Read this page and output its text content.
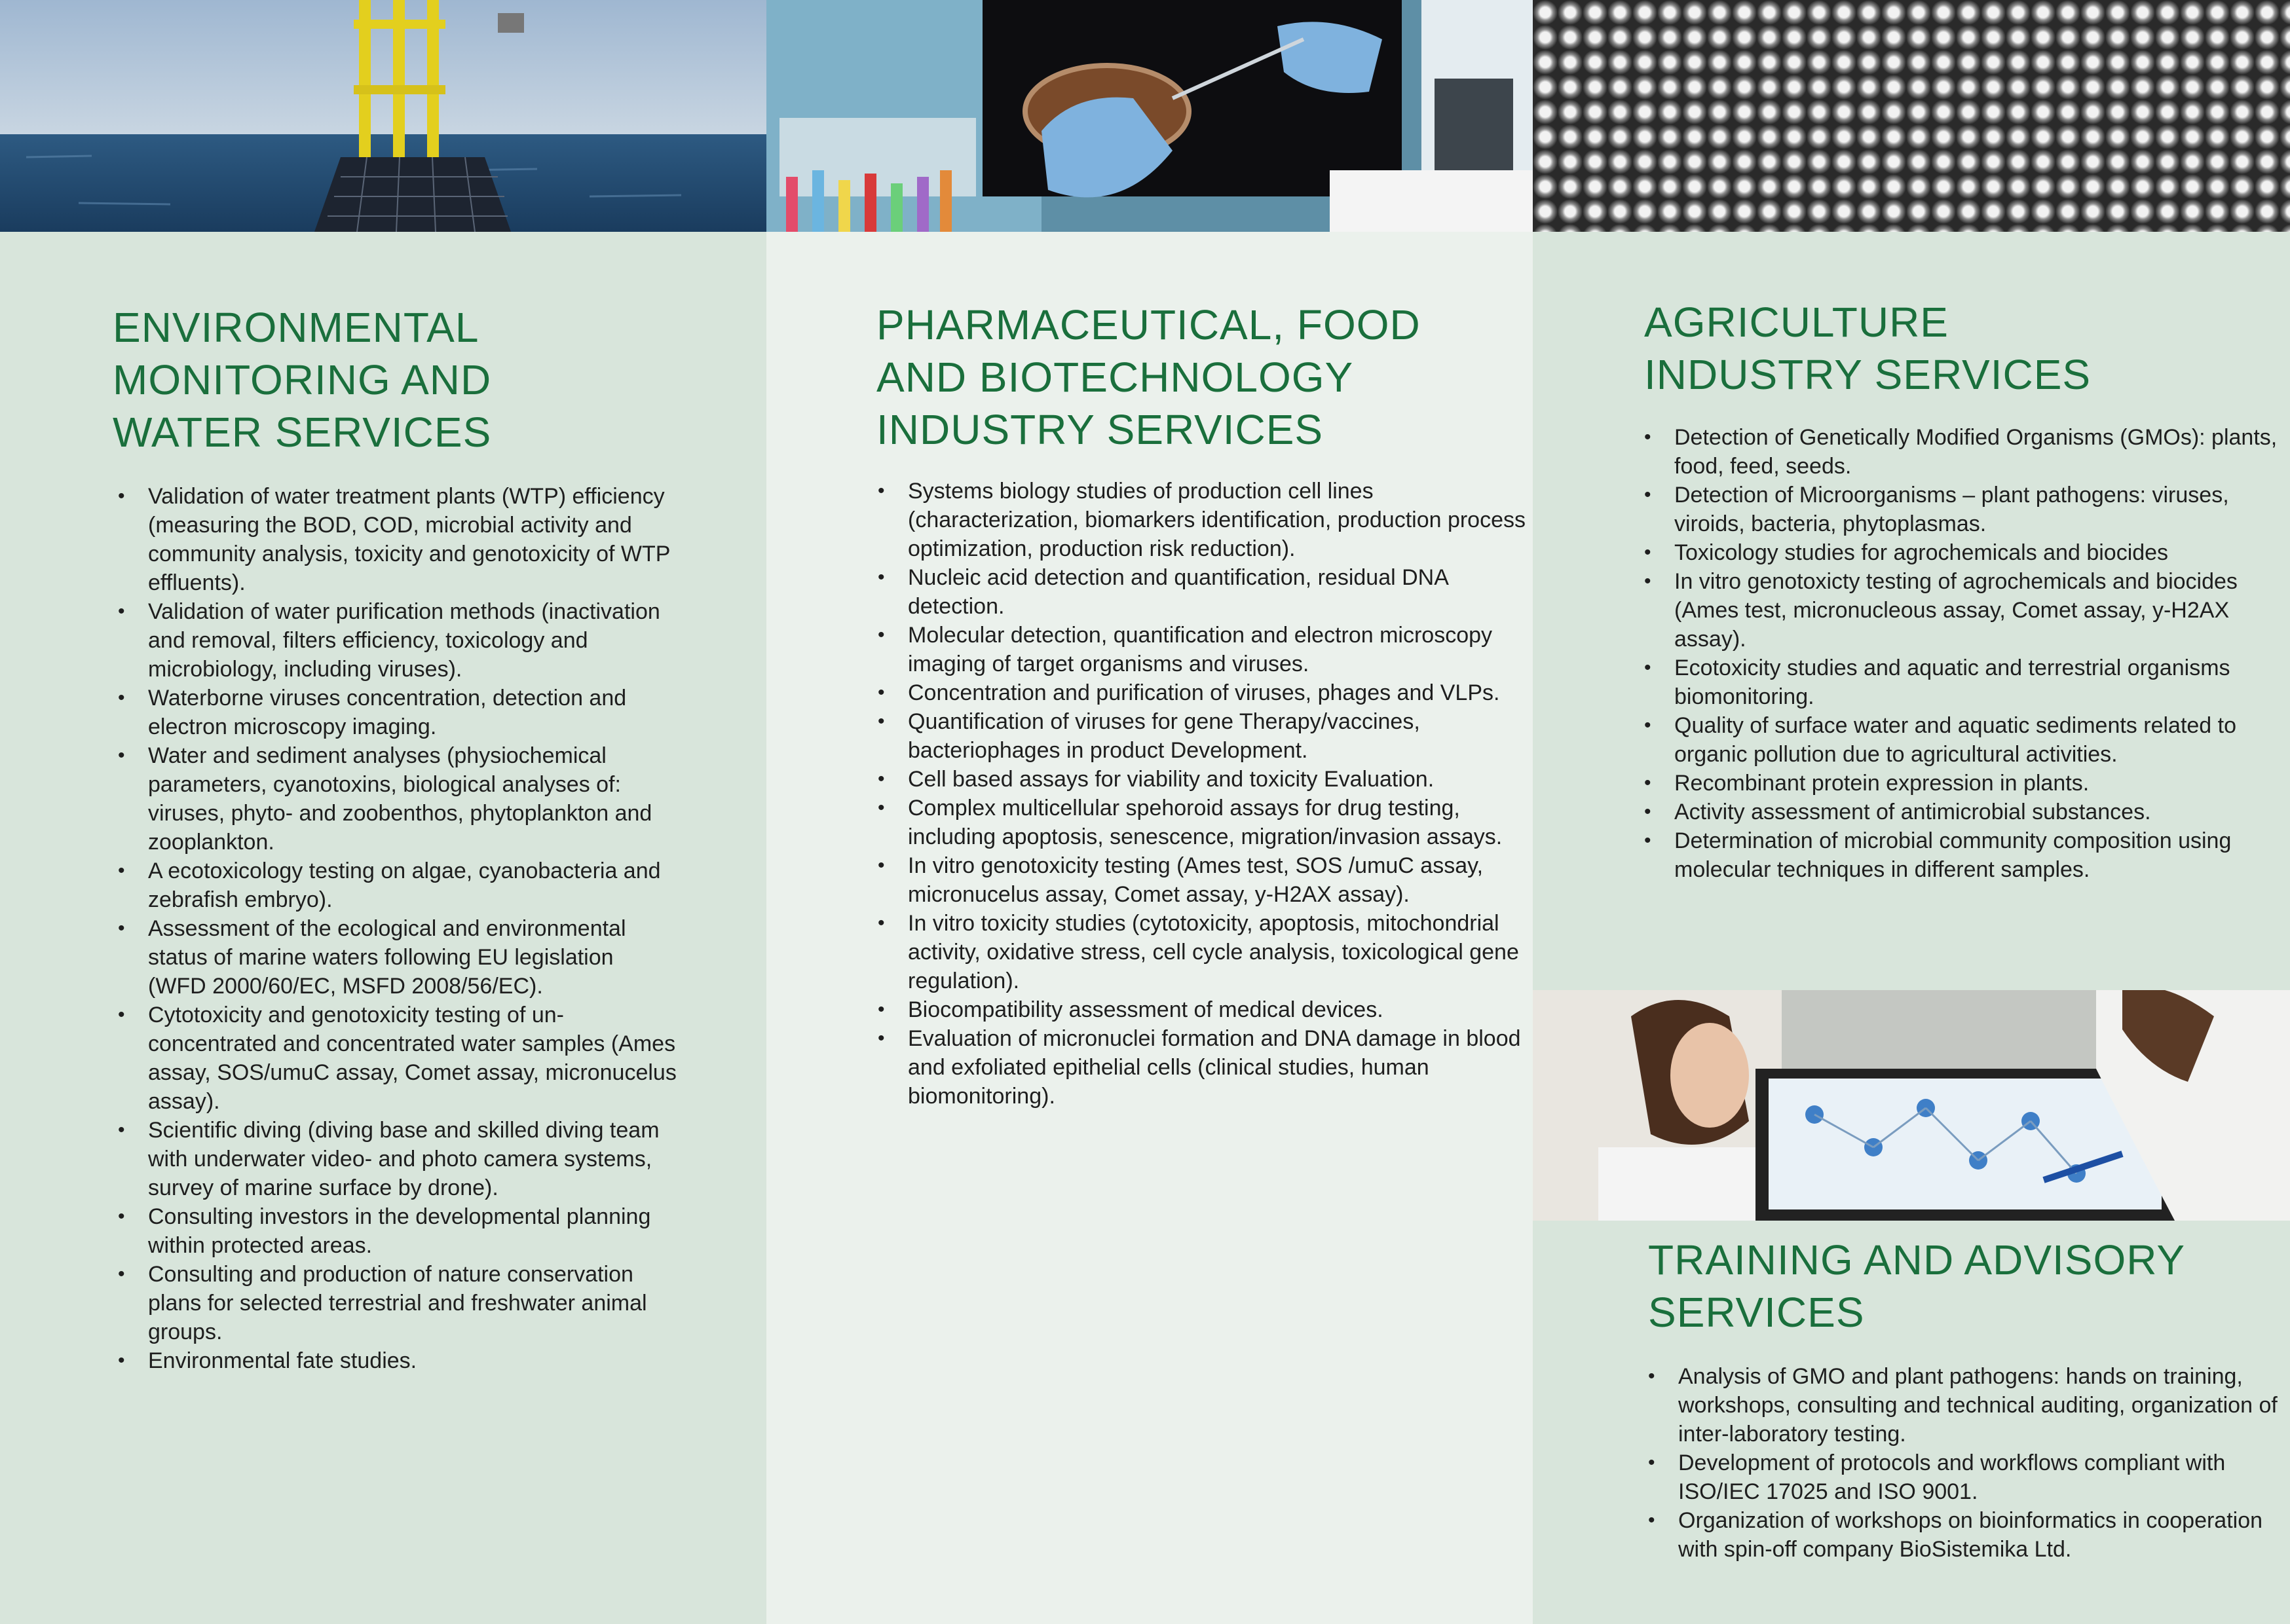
ENVIRONMENTAL
MONITORING AND
WATER SERVICES
• Validation of water treatment plants (WTP) efficiency (measuring the BOD, COD, microbial activity and community analysis, toxicity and genotoxicity of WTP effluents).
• Validation of water purification methods (inactivation and removal, filters efficiency, toxicology and microbiology, including viruses).
• Waterborne viruses concentration, detection and electron microscopy imaging.
• Water and sediment analyses (physiochemical parameters, cyanotoxins, biological analyses of: viruses, phyto- and zoobenthos, phytoplankton and zooplankton.
• A ecotoxicology testing on algae, cyanobacteria and zebrafish embryo).
• Assessment of the ecological and environmental status of marine waters following EU legislation
(WFD 2000/60/EC, MSFD 2008/56/EC).
• Cytotoxicity and genotoxicity testing of un-concentrated and concentrated water samples (Ames assay, SOS/umuC assay, Comet assay, micronucelus assay).
• Scientific diving (diving base and skilled diving team with underwater video- and photo camera systems, survey of marine surface by drone).
• Consulting investors in the developmental planning within protected areas.
• Consulting and production of nature conservation plans for selected terrestrial and freshwater animal groups.
• Environmental fate studies.
PHARMACEUTICAL, FOOD
AND BIOTECHNOLOGY
INDUSTRY SERVICES
• Systems biology studies of production cell lines (characterization, biomarkers identification, production process optimization, production risk reduction).
• Nucleic acid detection and quantification, residual DNA detection.
• Molecular detection, quantification and electron microscopy imaging of target organisms and viruses.
• Concentration and purification of viruses, phages and VLPs.
• Quantification of viruses for gene Therapy/vaccines, bacteriophages in product Development.
• Cell based assays for viability and toxicity Evaluation.
• Complex multicellular spehoroid assays for drug testing, including apoptosis, senescence, migration/invasion assays.
• In vitro genotoxicity testing (Ames test, SOS /umuC assay, micronucelus assay, Comet assay, y-H2AX assay).
• In vitro toxicity studies (cytotoxicity, apoptosis, mitochondrial activity, oxidative stress, cell cycle analysis, toxicological gene regulation).
• Biocompatibility assessment of medical devices.
• Evaluation of micronuclei formation and DNA damage in blood and exfoliated epithelial cells (clinical studies, human biomonitoring).
AGRICULTURE
INDUSTRY SERVICES
• Detection of Genetically Modified Organisms (GMOs): plants, food, feed, seeds.
• Detection of Microorganisms – plant pathogens: viruses, viroids, bacteria, phytoplasmas.
• Toxicology studies for agrochemicals and biocides
• In vitro genotoxicty testing of agrochemicals and biocides (Ames test, micronucleous assay, Comet assay, y-H2AX assay).
• Ecotoxicity studies and aquatic and terrestrial organisms biomonitoring.
• Quality of surface water and aquatic sediments related to organic pollution due to agricultural activities.
• Recombinant protein expression in plants.
• Activity assessment of antimicrobial substances.
• Determination of microbial community composition using molecular techniques in different samples.
TRAINING AND ADVISORY
SERVICES
• Analysis of GMO and plant pathogens: hands on training, workshops, consulting and technical auditing, organization of inter-laboratory testing.
• Development of protocols and workflows compliant with ISO/IEC 17025 and ISO 9001.
• Organization of workshops on bioinformatics in cooperation with spin-off company BioSistemika Ltd.
